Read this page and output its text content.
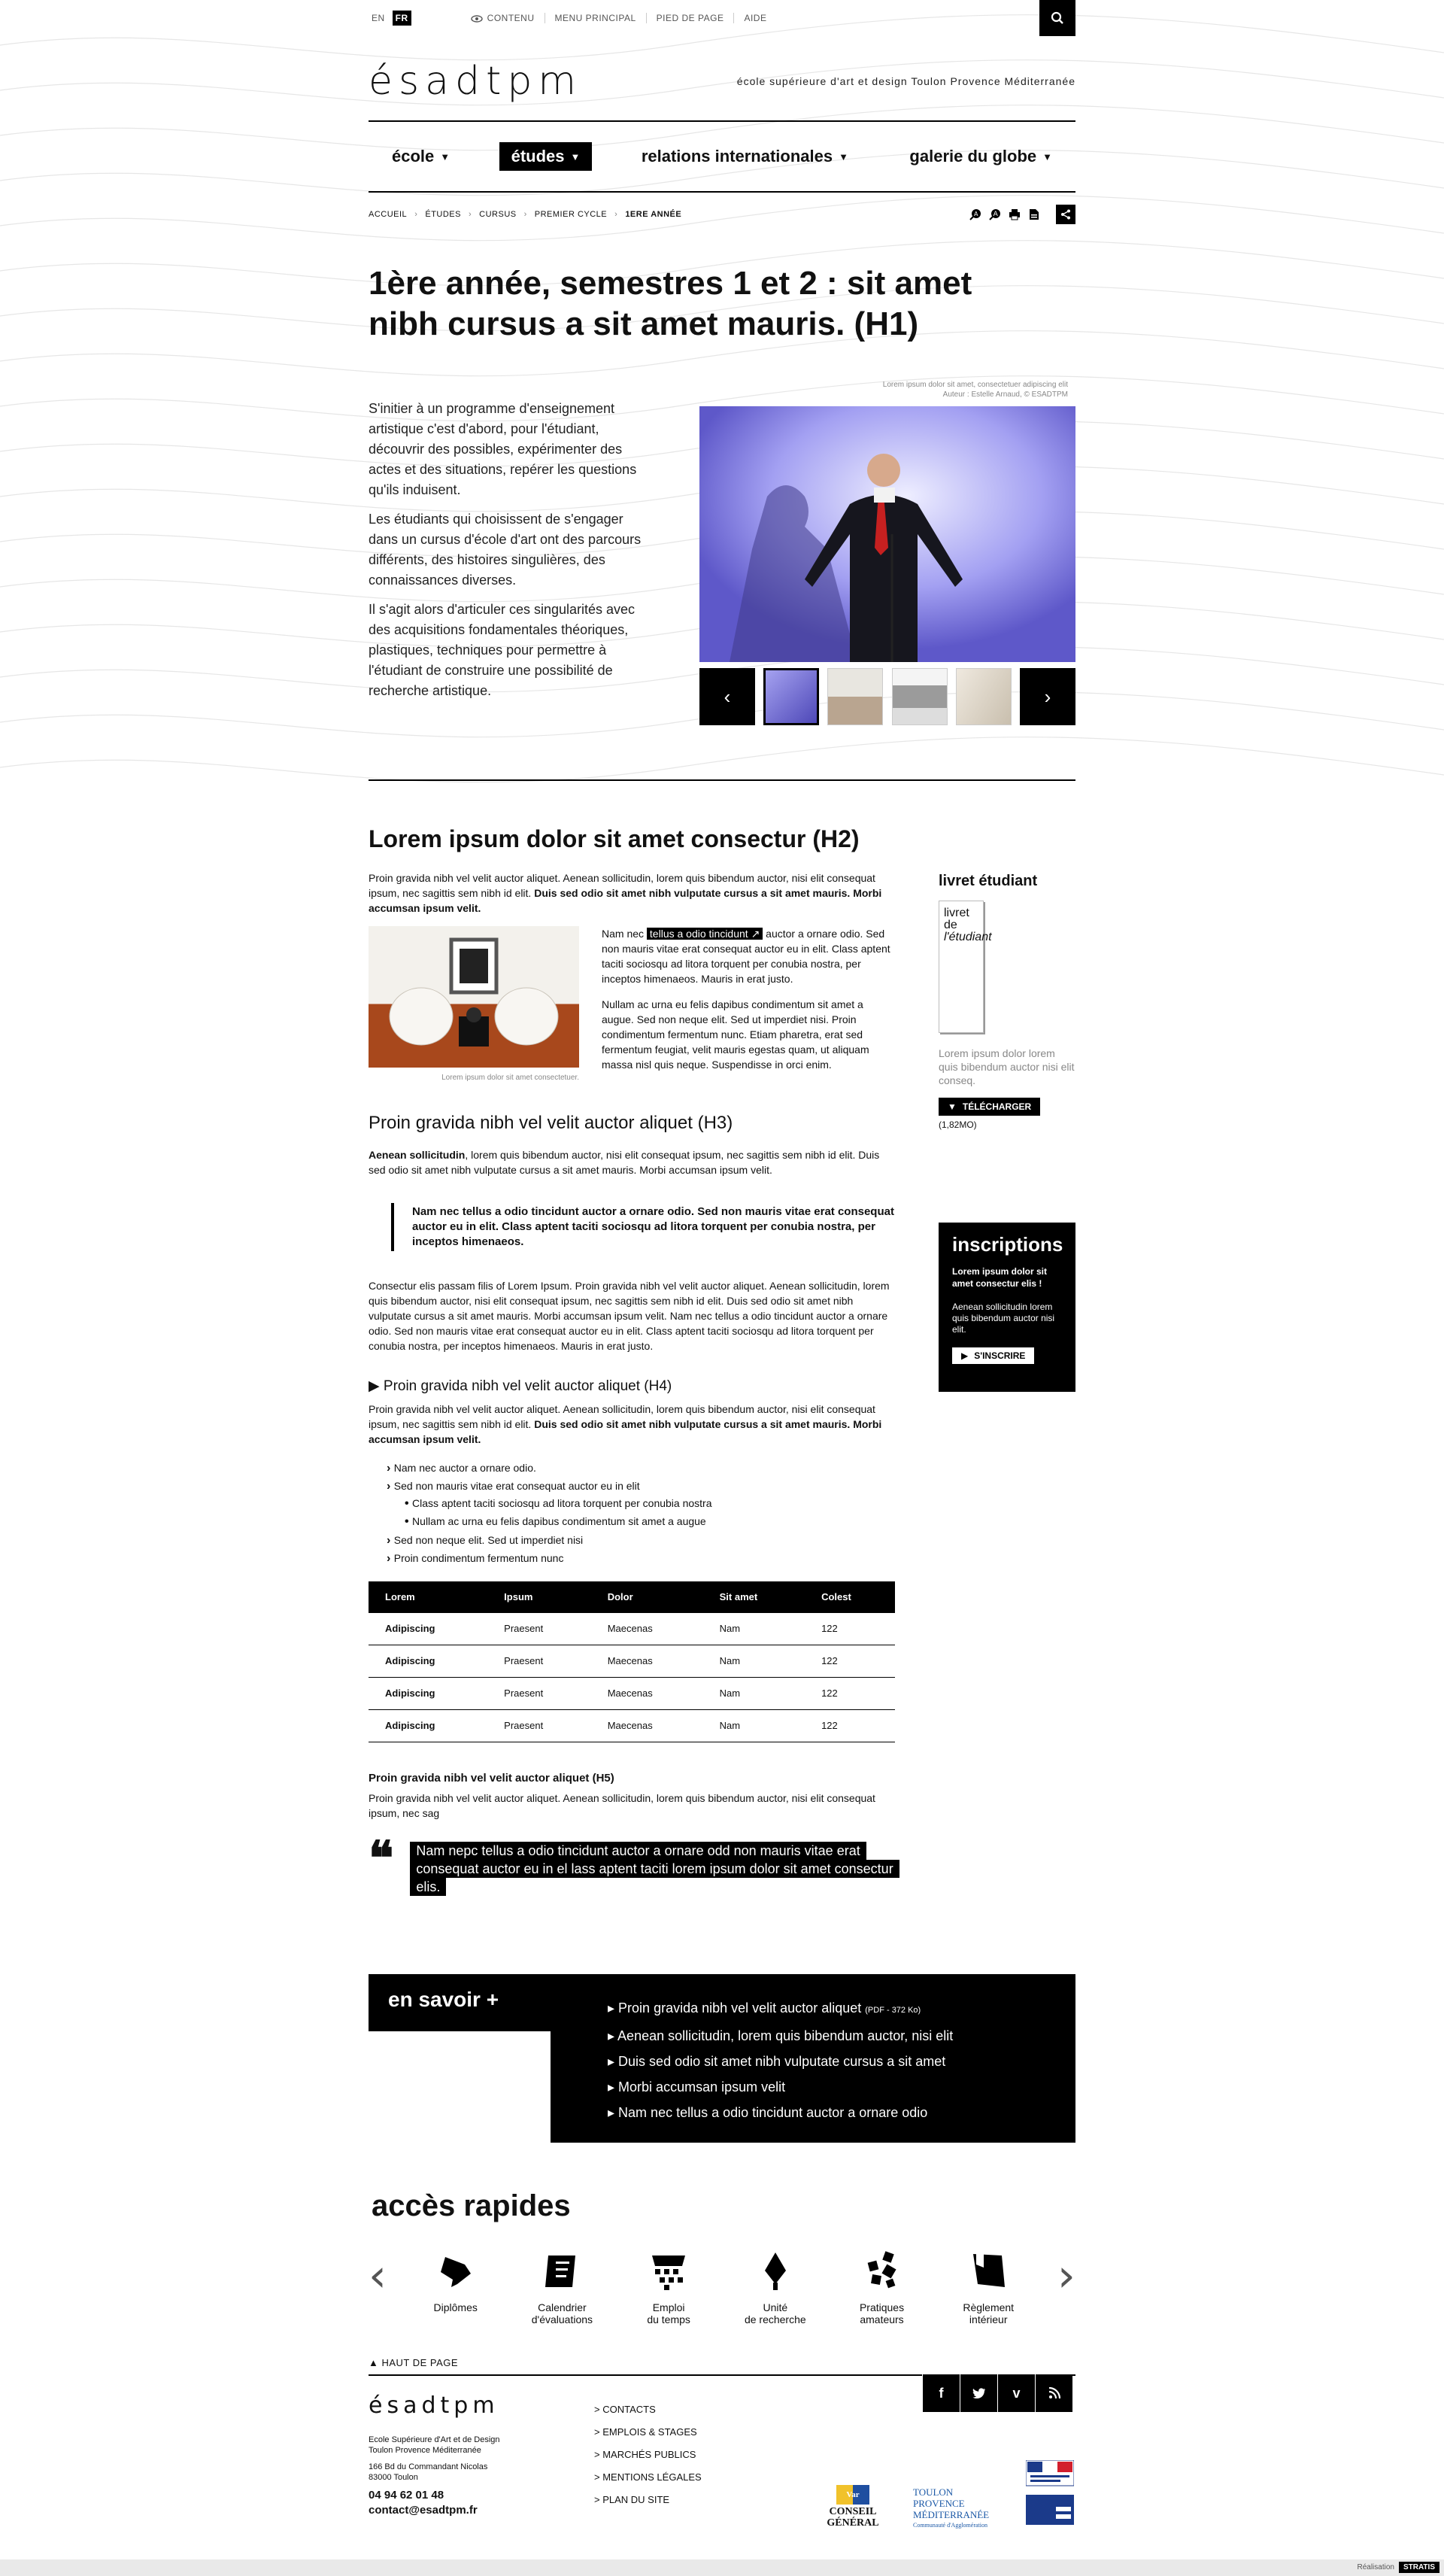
EN	FR	CONTENU	MENU PRINCIPAL	PIED DE PAGE	AIDE
ésadtpm	école supérieure d'art et design Toulon Provence Méditerranée
école ▼	études ▼	relations internationales ▼	galerie du globe ▼
ACCUEIL › ÉTUDES › CURSUS › PREMIER CYCLE › 1ERE ANNÉE	A A
1ère année, semestres 1 et 2 : sit amet nibh cursus a sit amet mauris. (H1)

S'initier à un programme d'enseignement artistique c'est d'abord, pour l'étudiant, découvrir des possibles, expérimenter des actes et des situations, repérer les questions qu'ils induisent.

Les étudiants qui choisissent de s'engager dans un cursus d'école d'art ont des parcours différents, des histoires singulières, des connaissances diverses.

Il s'agit alors d'articuler ces singularités avec des acquisitions fondamentales théoriques, plastiques, techniques pour permettre à l'étudiant de construire une possibilité de recherche artistique.

Lorem ipsum dolor sit amet, consectetuer adipiscing elit
Auteur : Estelle Arnaud, © ESADTPM
‹	›
Lorem ipsum dolor sit amet consectur (H2)

Proin gravida nibh vel velit auctor aliquet. Aenean sollicitudin, lorem quis bibendum auctor, nisi elit consequat ipsum, nec sagittis sem nibh id elit. Duis sed odio sit amet nibh vulputate cursus a sit amet mauris. Morbi accumsan ipsum velit.

Lorem ipsum dolor sit amet consectetuer.

Nam nec tellus a odio tincidunt ↗ auctor a ornare odio. Sed non mauris vitae erat consequat auctor eu in elit. Class aptent taciti sociosqu ad litora torquent per conubia nostra, per inceptos himenaeos. Mauris in erat justo.

Nullam ac urna eu felis dapibus condimentum sit amet a augue. Sed non neque elit. Sed ut imperdiet nisi. Proin condimentum fermentum nunc. Etiam pharetra, erat sed fermentum feugiat, velit mauris egestas quam, ut aliquam massa nisl quis neque. Suspendisse in orci enim.

Proin gravida nibh vel velit auctor aliquet (H3)

Aenean sollicitudin, lorem quis bibendum auctor, nisi elit consequat ipsum, nec sagittis sem nibh id elit. Duis sed odio sit amet nibh vulputate cursus a sit amet mauris. Morbi accumsan ipsum velit.

Nam nec tellus a odio tincidunt auctor a ornare odio. Sed non mauris vitae erat consequat auctor eu in elit. Class aptent taciti sociosqu ad litora torquent per conubia nostra, per inceptos himenaeos.

Consectur elis passam filis of Lorem Ipsum. Proin gravida nibh vel velit auctor aliquet. Aenean sollicitudin, lorem quis bibendum auctor, nisi elit consequat ipsum, nec sagittis sem nibh id elit. Duis sed odio sit amet nibh vulputate cursus a sit amet mauris. Morbi accumsan ipsum velit. Nam nec tellus a odio tincidunt auctor a ornare odio. Sed non mauris vitae erat consequat auctor eu in elit. Class aptent taciti sociosqu ad litora torquent per conubia nostra, per inceptos himenaeos. Mauris in erat justo.

▶ Proin gravida nibh vel velit auctor aliquet (H4)

Proin gravida nibh vel velit auctor aliquet. Aenean sollicitudin, lorem quis bibendum auctor, nisi elit consequat ipsum, nec sagittis sem nibh id elit. Duis sed odio sit amet nibh vulputate cursus a sit amet mauris. Morbi accumsan ipsum velit.

› Nam nec auctor a ornare odio.
› Sed non mauris vitae erat consequat auctor eu in elit
• Class aptent taciti sociosqu ad litora torquent per conubia nostra
• Nullam ac urna eu felis dapibus condimentum sit amet a augue
› Sed non neque elit. Sed ut imperdiet nisi
› Proin condimentum fermentum nunc
Lorem	Ipsum	Dolor	Sit amet	Colest
Adipiscing	Praesent	Maecenas	Nam	122
Adipiscing	Praesent	Maecenas	Nam	122
Adipiscing	Praesent	Maecenas	Nam	122
Adipiscing	Praesent	Maecenas	Nam	122
Proin gravida nibh vel velit auctor aliquet (H5)

Proin gravida nibh vel velit auctor aliquet. Aenean sollicitudin, lorem quis bibendum auctor, nisi elit consequat ipsum, nec sag

❝	Nam nepc tellus a odio tincidunt auctor a ornare odd non mauris vitae erat consequat auctor eu in el lass aptent taciti lorem ipsum dolor sit amet consectur elis.
livret étudiant
livret
de
l'étudiant
Lorem ipsum dolor lorem quis bibendum auctor nisi elit conseq.
▼ TÉLÉCHARGER
(1,82MO)
inscriptions
Lorem ipsum dolor sit amet consectur elis !
Aenean sollicitudin lorem quis bibendum auctor nisi elit.
▶ S'INSCRIRE
en savoir +	▸ Proin gravida nibh vel velit auctor aliquet (PDF - 372 Ko)
▸ Aenean sollicitudin, lorem quis bibendum auctor, nisi elit
▸ Duis sed odio sit amet nibh vulputate cursus a sit amet
▸ Morbi accumsan ipsum velit
▸ Nam nec tellus a odio tincidunt auctor a ornare odio
accès rapides
‹
Diplômes	Calendrier
d'évaluations
Emploi
du temps
Unité
de recherche
Pratiques
amateurs
Règlement
intérieur
›
▲ HAUT DE PAGE
f	v
ésadtpm
Ecole Supérieure d'Art et de Design
Toulon Provence Méditerranée
166 Bd du Commandant Nicolas
83000 Toulon
04 94 62 01 48
contact@esadtpm.fr
> CONTACTS
> EMPLOIS & STAGES
> MARCHÉS PUBLICS
> MENTIONS LÉGALES
> PLAN DU SITE	Var
CONSEIL GÉNÉRAL
TOULON PROVENCE MÉDITERRANÉE
Communauté d'Agglomération
Réalisation	STRATIS
